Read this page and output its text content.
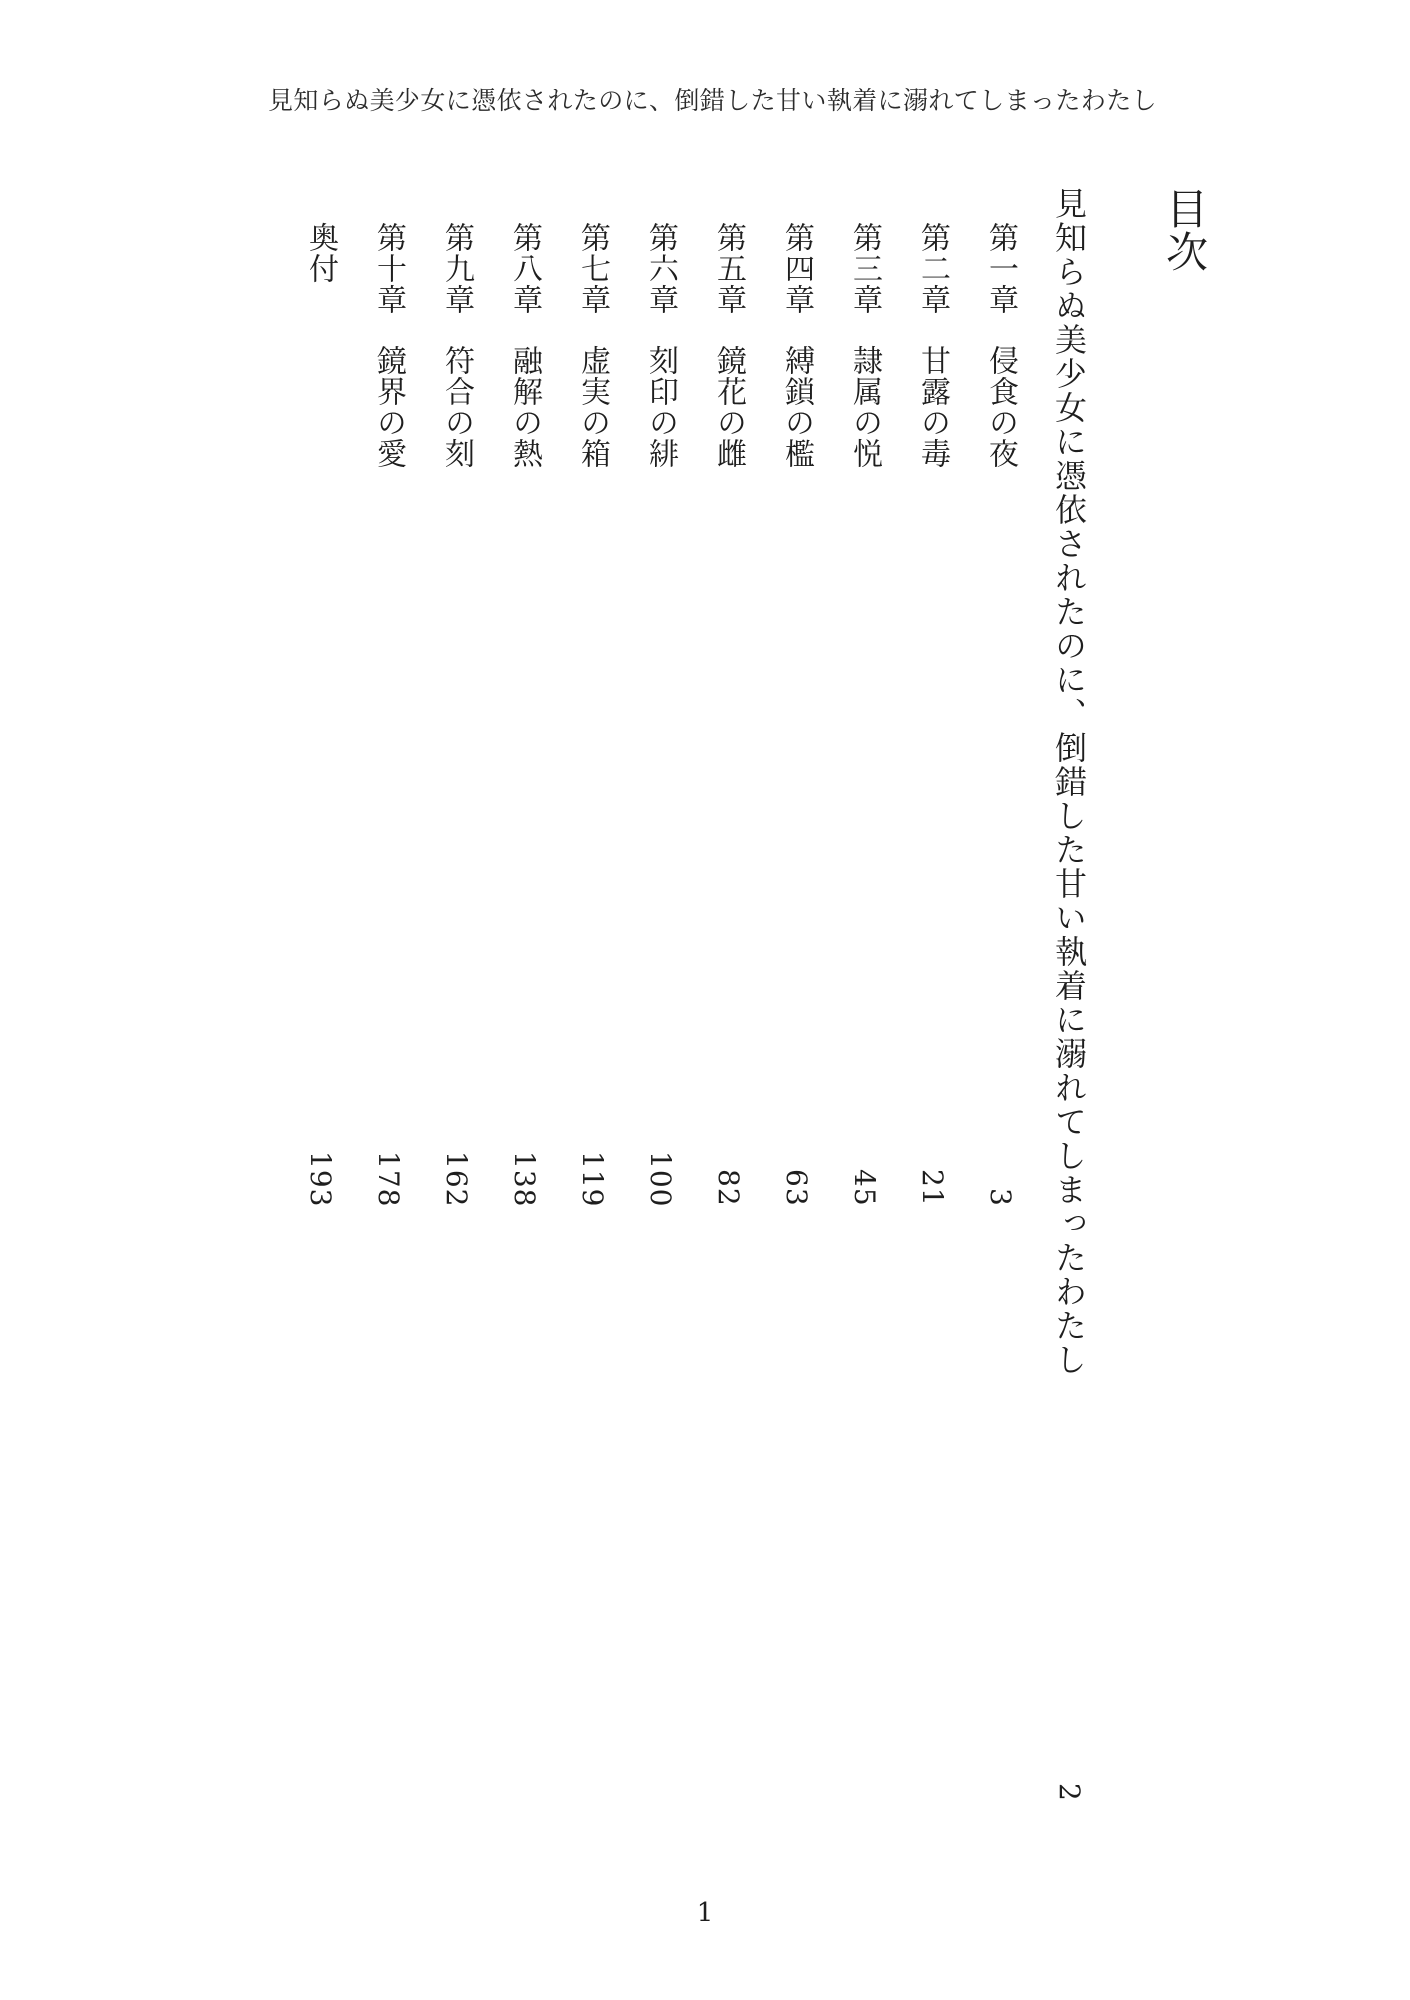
見知らぬ美少女に憑依されたのに、倒錯した甘い執着に溺れてしまったわたし
目次
見知らぬ美少女に憑依されたのに、倒錯した甘い執着に溺れてしまったわたし
2
第一章侵食の夜
3
第二章甘露の毒
21
第三章隷属の悦
45
第四章縛鎖の檻
63
第五章鏡花の雌
82
第六章刻印の緋
100
第七章虚実の箱
119
第八章融解の熱
138
第九章符合の刻
162
第十章鏡界の愛
178
奥付
193
1
